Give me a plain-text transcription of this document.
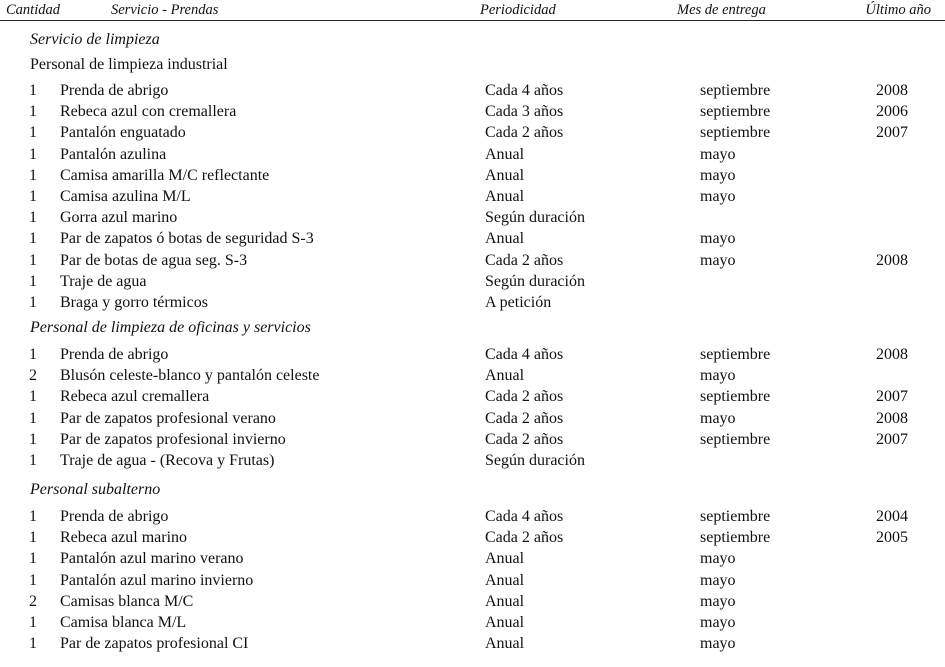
Cantidad	Servicio - Prendas	Periodicidad	Mes de entrega	Último año
Servicio de limpieza
Personal de limpieza industrial
1 Prenda de abrigo	Cada 4 años	septiembre	2008
1 Rebeca azul con cremallera	Cada 3 años	septiembre	2006
1 Pantalón enguatado	Cada 2 años	septiembre	2007
1 Pantalón azulina	Anual	mayo
1 Camisa amarilla M/C reflectante	Anual	mayo
1 Camisa azulina M/L	Anual	mayo
1 Gorra azul marino	Según duración
1 Par de zapatos ó botas de seguridad S-3	Anual	mayo
1 Par de botas de agua seg. S-3	Cada 2 años	mayo	2008
1 Traje de agua	Según duración
1 Braga y gorro térmicos	A petición
Personal de limpieza de oficinas y servicios
1 Prenda de abrigo	Cada 4 años	septiembre	2008
2 Blusón celeste-blanco y pantalón celeste	Anual	mayo
1 Rebeca azul cremallera	Cada 2 años	septiembre	2007
1 Par de zapatos profesional verano	Cada 2 años	mayo	2008
1 Par de zapatos profesional invierno	Cada 2 años	septiembre	2007
1 Traje de agua - (Recova y Frutas)	Según duración
Personal subalterno
1 Prenda de abrigo	Cada 4 años	septiembre	2004
1 Rebeca azul marino	Cada 2 años	septiembre	2005
1 Pantalón azul marino verano	Anual	mayo
1 Pantalón azul marino invierno	Anual	mayo
2 Camisas blanca M/C	Anual	mayo
1 Camisa blanca M/L	Anual	mayo
1 Par de zapatos profesional CI	Anual	mayo
